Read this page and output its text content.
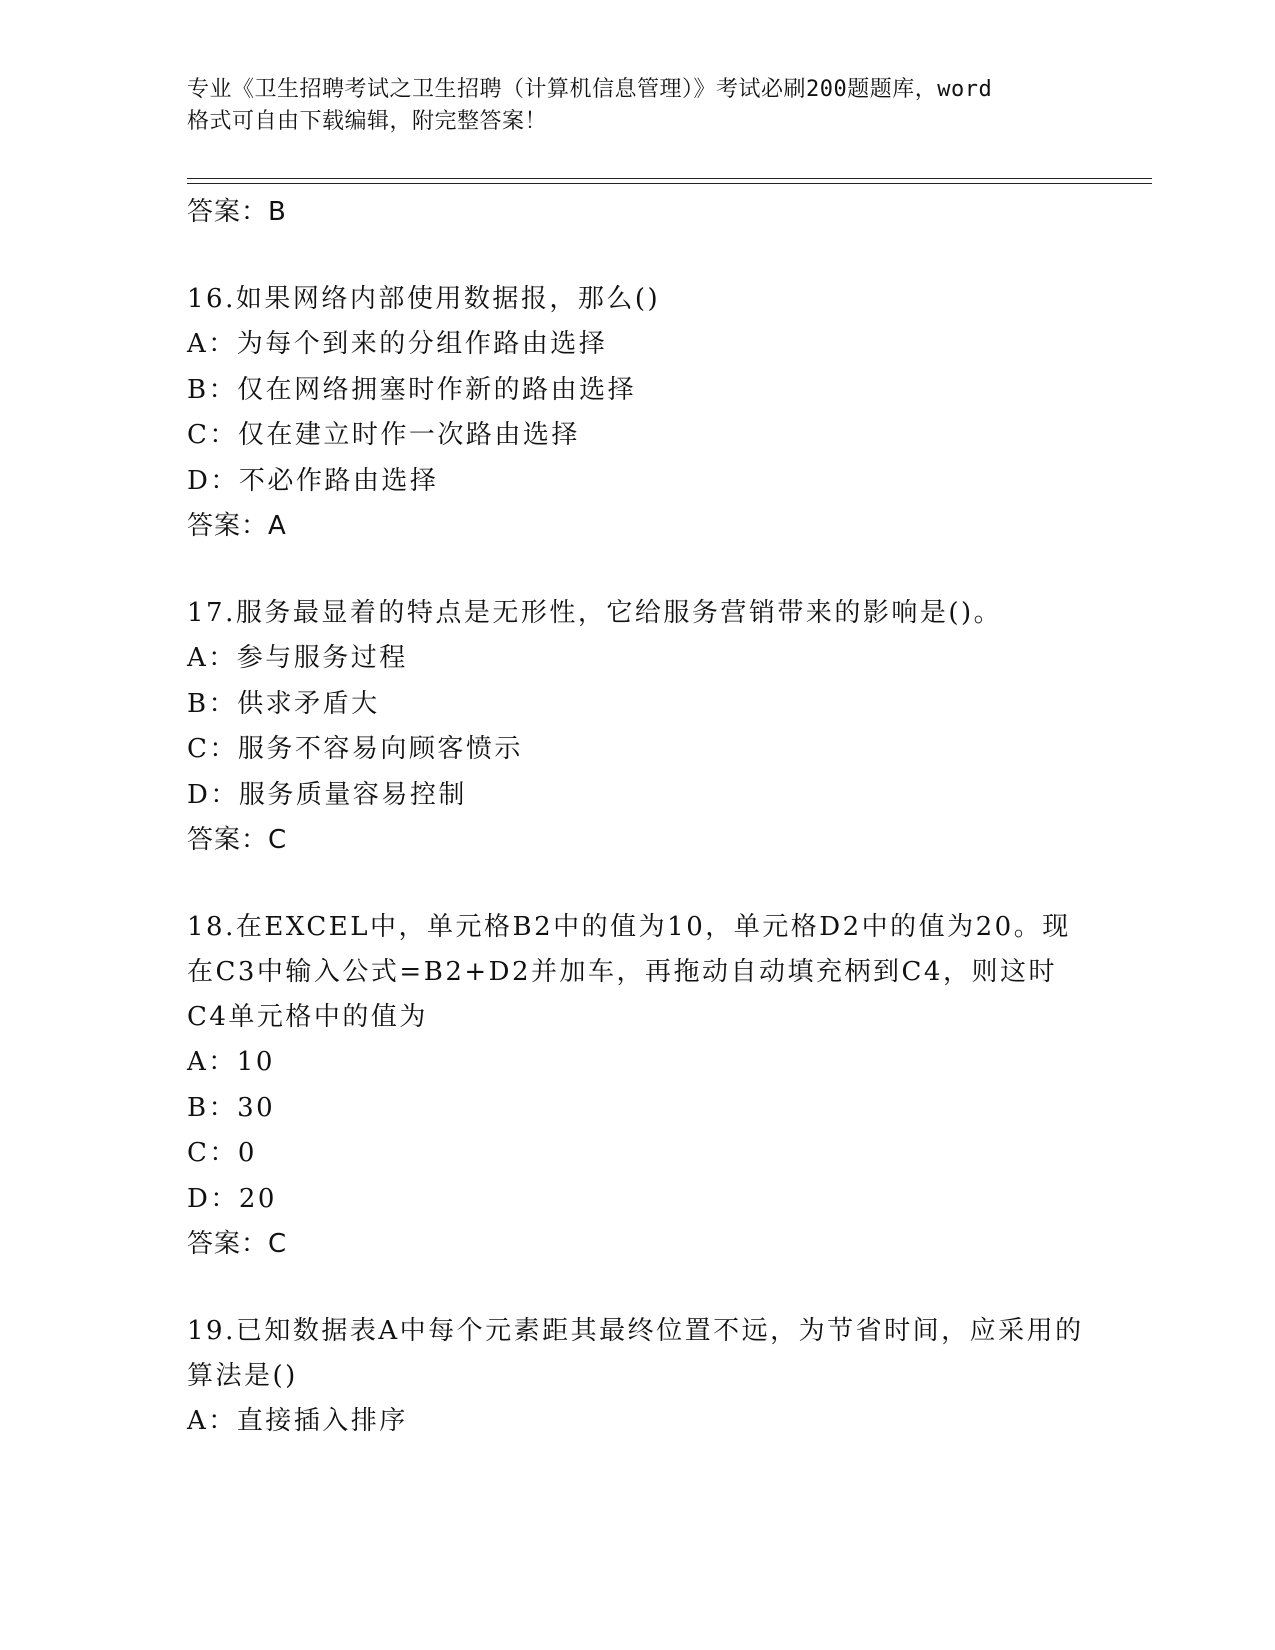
专业《卫生招聘考试之卫生招聘（计算机信息管理）》考试必刷200题题库，word
格式可自由下载编辑，附完整答案！
答案：B
16.如果网络内部使用数据报，那么()
A：为每个到来的分组作路由选择
B：仅在网络拥塞时作新的路由选择
C：仅在建立时作一次路由选择
D：不必作路由选择
答案：A
17.服务最显着的特点是无形性，它给服务营销带来的影响是()。
A：参与服务过程
B：供求矛盾大
C：服务不容易向顾客愤示
D：服务质量容易控制
答案：C
18.在EXCEL中，单元格B2中的值为10，单元格D2中的值为20。现在C3中输入公式=B2+D2并加车，再拖动自动填充柄到C4，则这时C4单元格中的值为
A：10
B：30
C：0
D：20
答案：C
19.已知数据表A中每个元素距其最终位置不远，为节省时间，应采用的算法是()
A：直接插入排序
